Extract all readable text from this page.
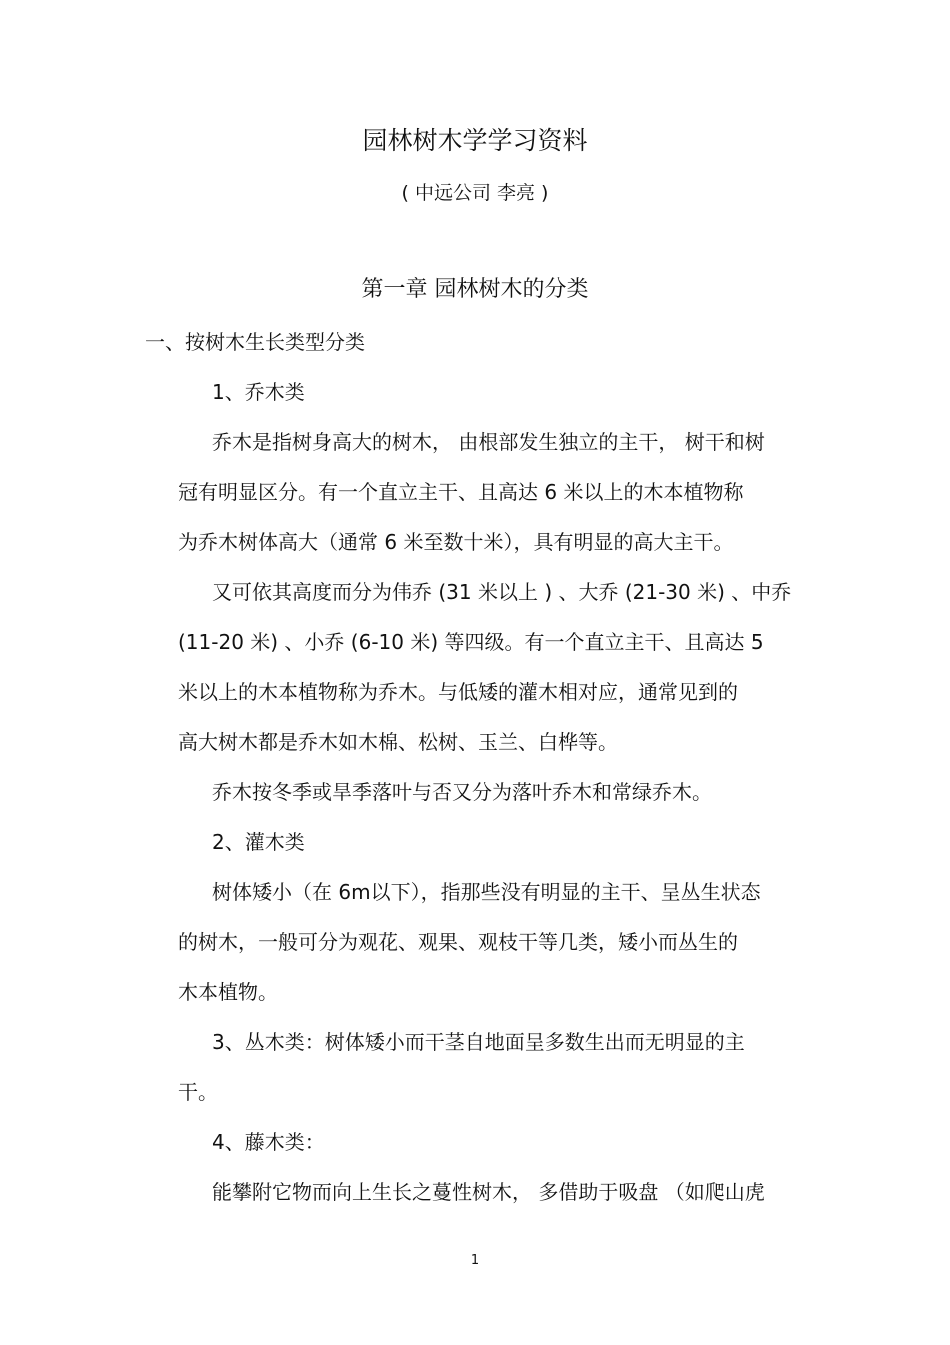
园林树木学学习资料
( 中远公司 李亮 )
第一章 园林树木的分类
一、按树木生长类型分类
1、乔木类
乔木是指树身高大的树木， 由根部发生独立的主干， 树干和树
冠有明显区分。有一个直立主干、且高达 6 米以上的木本植物称
为乔木树体高大（通常 6 米至数十米），具有明显的高大主干。
又可依其高度而分为伟乔 (31 米以上 ) 、大乔 (21-30 米) 、中乔
(11-20 米) 、小乔 (6-10 米) 等四级。有一个直立主干、且高达 5
米以上的木本植物称为乔木。与低矮的灌木相对应，通常见到的
高大树木都是乔木如木棉、松树、玉兰、白桦等。
乔木按冬季或旱季落叶与否又分为落叶乔木和常绿乔木。
2、灌木类
树体矮小（在 6m以下），指那些没有明显的主干、呈丛生状态
的树木，一般可分为观花、观果、观枝干等几类，矮小而丛生的
木本植物。
3、丛木类：树体矮小而干茎自地面呈多数生出而无明显的主
干。
4、藤木类：
能攀附它物而向上生长之蔓性树木， 多借助于吸盘 （如爬山虎
1
